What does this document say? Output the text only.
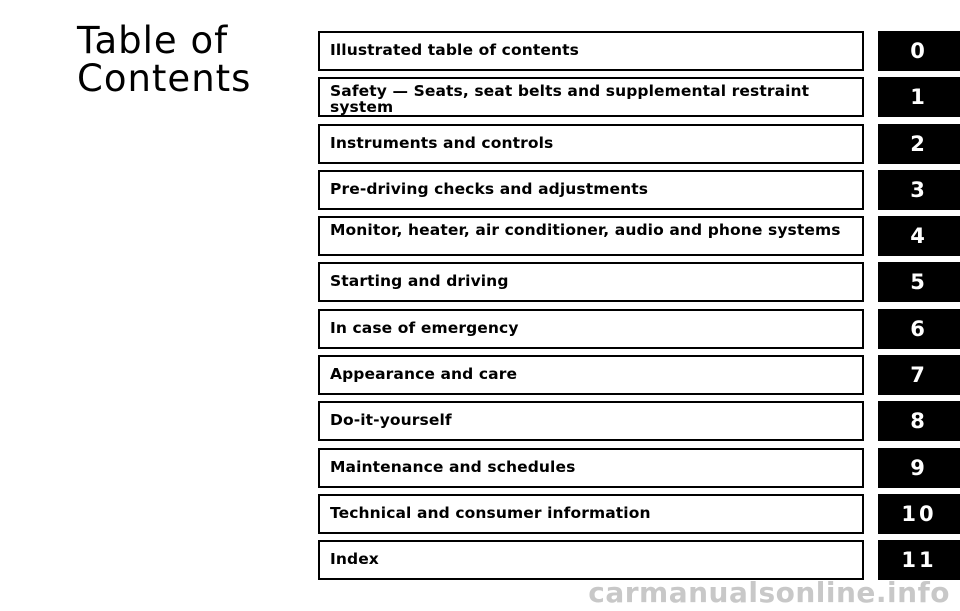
Table of
Contents
Illustrated table of contents	0
Safety — Seats, seat belts and supplemental restraint system	1
Instruments and controls	2
Pre-driving checks and adjustments	3
Monitor, heater, air conditioner, audio and phone systems	4
Starting and driving	5
In case of emergency	6
Appearance and care	7
Do-it-yourself	8
Maintenance and schedules	9
Technical and consumer information	10
Index	11
carmanualsonline.info
